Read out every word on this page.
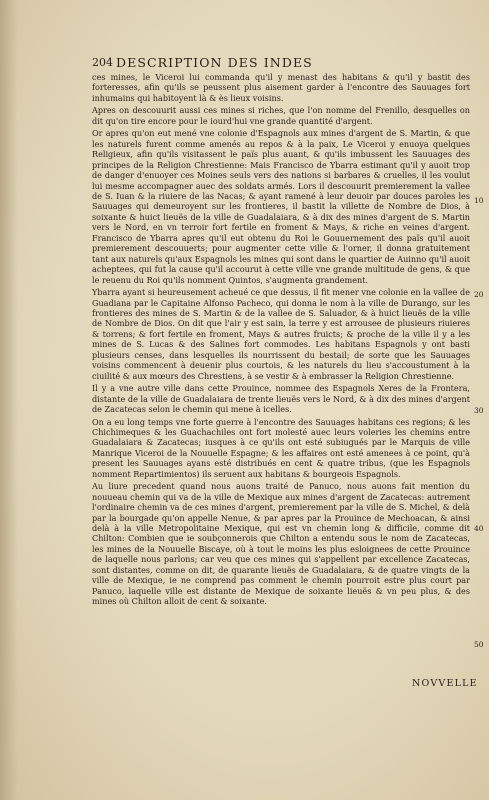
204 DESCRIPTION DES INDES

ces mines, le Viceroi lui commanda qu'il y menast des habitans & qu'il y bastit des forteresses, afin qu'ils se peussent plus aisement garder à l'encontre des Sauuages fort inhumains qui habitoyent là & ès lieux voisins.

Apres on descouurit aussi ces mines si riches, que l'on nomme del Frenillo, desquelles on dit qu'on tire encore pour le iourd'hui vne grande quantité d'argent.

Or apres qu'on eut mené vne colonie d'Espagnols aux mines d'argent de S. Martin, & que les naturels furent comme amenés au repos & à la paix, Le Viceroi y enuoya quelques Religieux, afin qu'ils visitassent le païs plus auant, & qu'ils imbussent les Sauuages des principes de la Religion Chrestienne: Mais Francisco de Ybarra estimant qu'il y auoit trop de danger d'enuoyer ces Moines seuls vers des nations si barbares & cruelles, il les voulut lui mesme accompagner auec des soldats armés. Lors il descouurit premierement la vallee de S. Iuan & la riuiere de las Nacas; & ayant ramené à leur deuoir par douces paroles les Sauuages qui demeuroyent sur les frontieres, il bastit la villette de Nombre de Dios, à soixante & huict lieuës de la ville de Guadalaiara, & à dix des mines d'argent de S. Martin vers le Nord, en vn terroir fort fertile en froment & Mays, & riche en veines d'argent. Francisco de Ybarra apres qu'il eut obtenu du Roi le Gouuernement des païs qu'il auoit premierement descouuerts; pour augmenter cette ville & l'orner, il donna gratuitement tant aux naturels qu'aux Espagnols les mines qui sont dans le quartier de Auinno qu'il auoit acheptees, qui fut la cause qu'il accourut à cette ville vne grande multitude de gens, & que le reuenu du Roi qu'ils nomment Quintos, s'augmenta grandement.

Ybarra ayant si heureusement acheué ce que dessus, il fit mener vne colonie en la vallee de Guadiana par le Capitaine Alfonso Pacheco, qui donna le nom à la ville de Durango, sur les frontieres des mines de S. Martin & de la vallee de S. Saluador, & à huict lieuës de la ville de Nombre de Dios. On dit que l'air y est sain, la terre y est arrousee de plusieurs riuieres & torrens; & fort fertile en froment, Mays & autres fruicts; & proche de la ville il y a les mines de S. Lucas & des Salines fort commodes. Les habitans Espagnols y ont basti plusieurs censes, dans lesquelles ils nourrissent du bestail; de sorte que les Sauuages voisins commencent à deuenir plus courtois, & les naturels du lieu s'accoustument à la ciuilité & aux mœurs des Chrestiens, à se vestir & à embrasser la Religion Chrestienne.

Il y a vne autre ville dans cette Prouince, nommee des Espagnols Xeres de la Frontera, distante de la ville de Guadalaiara de trente lieuës vers le Nord, & à dix des mines d'argent de Zacatecas selon le chemin qui mene à icelles.

On a eu long temps vne forte guerre à l'encontre des Sauuages habitans ces regions; & les Chichimeques & les Guachachiles ont fort molesté auec leurs voleries les chemins entre Guadalaiara & Zacatecas; iusques à ce qu'ils ont esté subiugués par le Marquis de ville Manrique Viceroi de la Nouuelle Espagne; & les affaires ont esté amenees à ce point, qu'à present les Sauuages ayans esté distribués en cent & quatre tribus, (que les Espagnols nomment Repartimientos) ils seruent aux habitans & bourgeois Espagnols.

Au liure precedent quand nous auons traité de Panuco, nous auons fait mention du nouueau chemin qui va de la ville de Mexique aux mines d'argent de Zacatecas: autrement l'ordinaire chemin va de ces mines d'argent, premierement par la ville de S. Michel, & delà par la bourgade qu'on appelle Nenue, & par apres par la Prouince de Mechoacan, & ainsi delà à la ville Metropolitaine Mexique, qui est vn chemin long & difficile, comme dit Chilton: Combien que ie soubçonnerois que Chilton a entendu sous le nom de Zacatecas, les mines de la Nouuelle Biscaye, où à tout le moins les plus esloignees de cette Prouince de laquelle nous parlons; car veu que ces mines qui s'appellent par excellence Zacatecas, sont distantes, comme on dit, de quarante lieuës de Guadalaiara, & de quatre vingts de la ville de Mexique, ie ne comprend pas comment le chemin pourroit estre plus court par Panuco, laquelle ville est distante de Mexique de soixante lieuës & vn peu plus, & des mines où Chilton alloit de cent & soixante.

10
20
30
40
50
NOVVELLE
